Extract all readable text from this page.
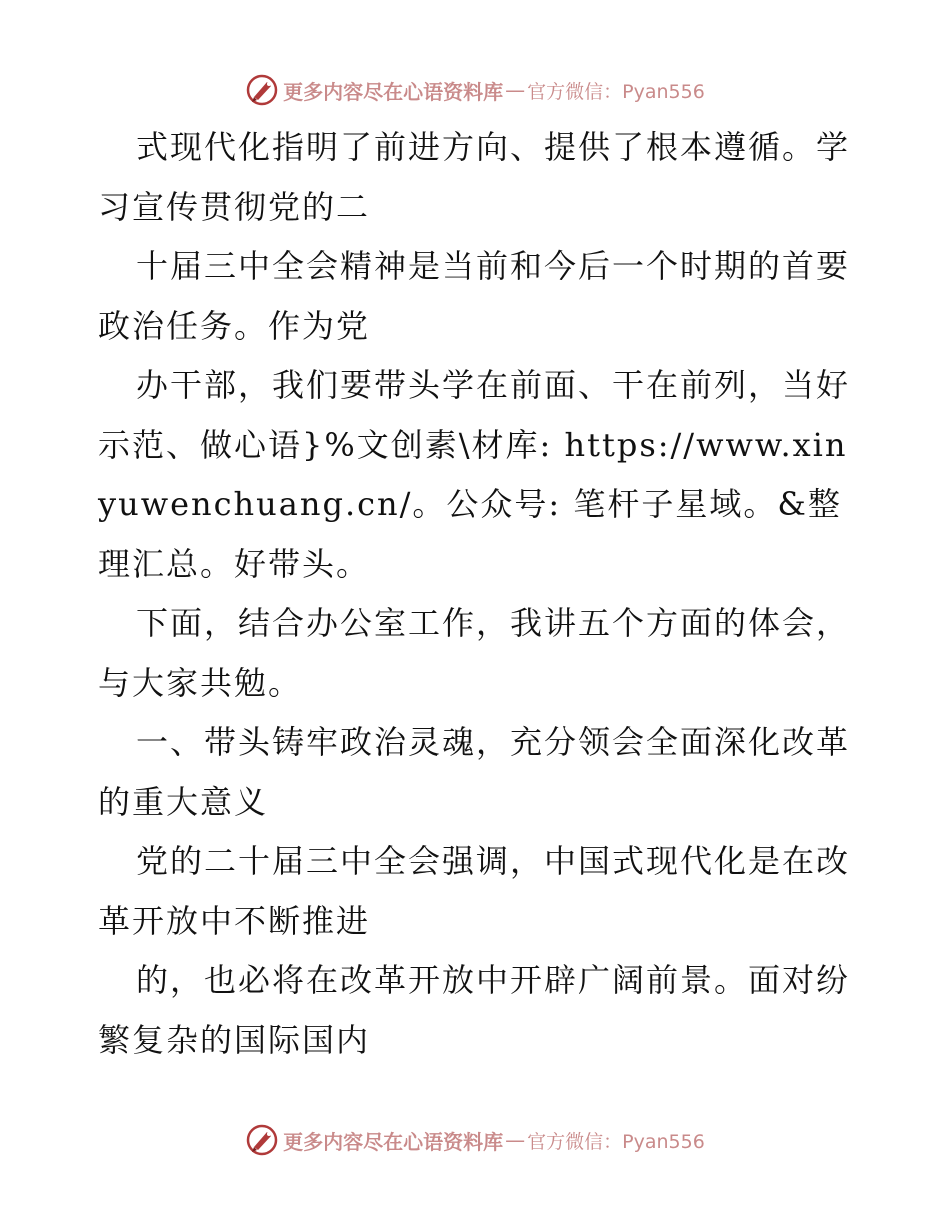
更多内容尽在心语资料库 — 官方微信：Pyan556

式现代化指明了前进方向、提供了根本遵循。学习宣传贯彻党的二

十届三中全会精神是当前和今后一个时期的首要政治任务。作为党

办干部，我们要带头学在前面、干在前列，当好示范、做心语}%文创素\材库: https://www.xinyuwenchuang.cn/。公众号: 笔杆子星域。&整理汇总。好带头。

下面，结合办公室工作，我讲五个方面的体会，与大家共勉。

一、带头铸牢政治灵魂，充分领会全面深化改革的重大意义

党的二十届三中全会强调，中国式现代化是在改革开放中不断推进

的，也必将在改革开放中开辟广阔前景。面对纷繁复杂的国际国内

更多内容尽在心语资料库 — 官方微信：Pyan556
